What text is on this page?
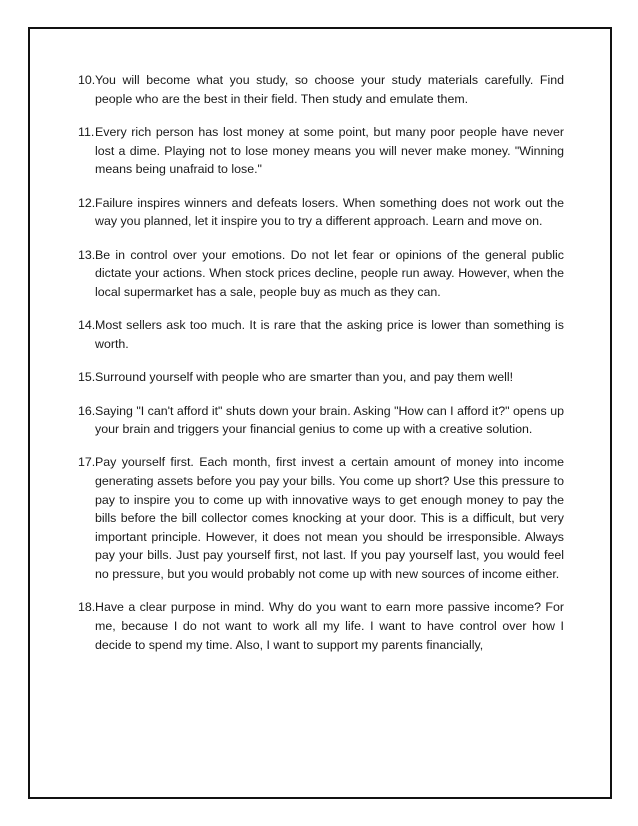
10. You will become what you study, so choose your study materials carefully. Find people who are the best in their field. Then study and emulate them.
11. Every rich person has lost money at some point, but many poor people have never lost a dime. Playing not to lose money means you will never make money. "Winning means being unafraid to lose."
12. Failure inspires winners and defeats losers. When something does not work out the way you planned, let it inspire you to try a different approach. Learn and move on.
13. Be in control over your emotions. Do not let fear or opinions of the general public dictate your actions. When stock prices decline, people run away. However, when the local supermarket has a sale, people buy as much as they can.
14. Most sellers ask too much. It is rare that the asking price is lower than something is worth.
15. Surround yourself with people who are smarter than you, and pay them well!
16. Saying "I can't afford it" shuts down your brain. Asking "How can I afford it?" opens up your brain and triggers your financial genius to come up with a creative solution.
17. Pay yourself first. Each month, first invest a certain amount of money into income generating assets before you pay your bills. You come up short? Use this pressure to pay to inspire you to come up with innovative ways to get enough money to pay the bills before the bill collector comes knocking at your door. This is a difficult, but very important principle. However, it does not mean you should be irresponsible. Always pay your bills. Just pay yourself first, not last. If you pay yourself last, you would feel no pressure, but you would probably not come up with new sources of income either.
18. Have a clear purpose in mind. Why do you want to earn more passive income? For me, because I do not want to work all my life. I want to have control over how I decide to spend my time. Also, I want to support my parents financially,
